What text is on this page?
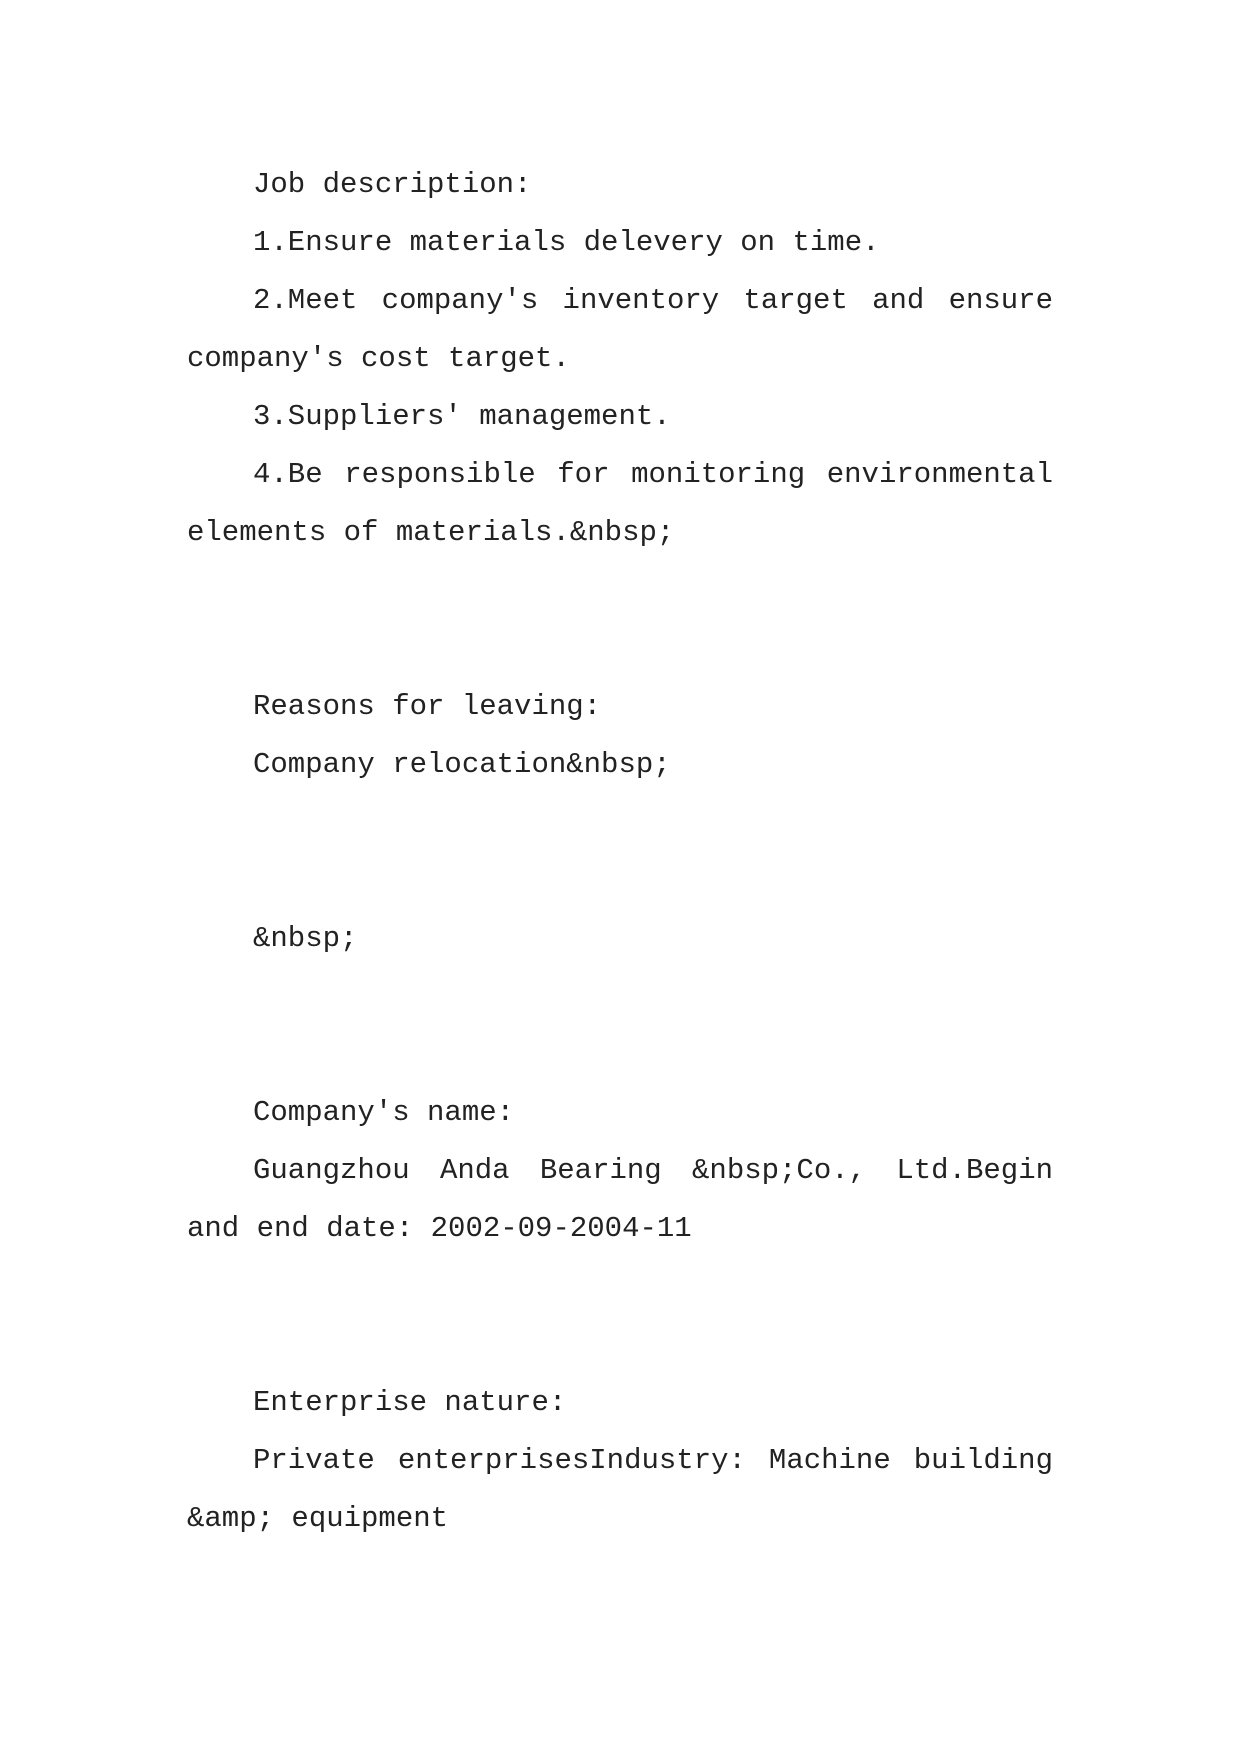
Job description:

1.Ensure materials delevery on time.

2.Meet company's inventory target and ensure company's cost target.

3.Suppliers' management.

4.Be responsible for monitoring environmental elements of materials.&nbsp;

Reasons for leaving:

Company relocation&nbsp;

&nbsp;

Company's name:

Guangzhou Anda Bearing &nbsp;Co., Ltd.Begin and end date: 2002-09-2004-11

Enterprise nature:

Private enterprisesIndustry: Machine building &amp; equipment
